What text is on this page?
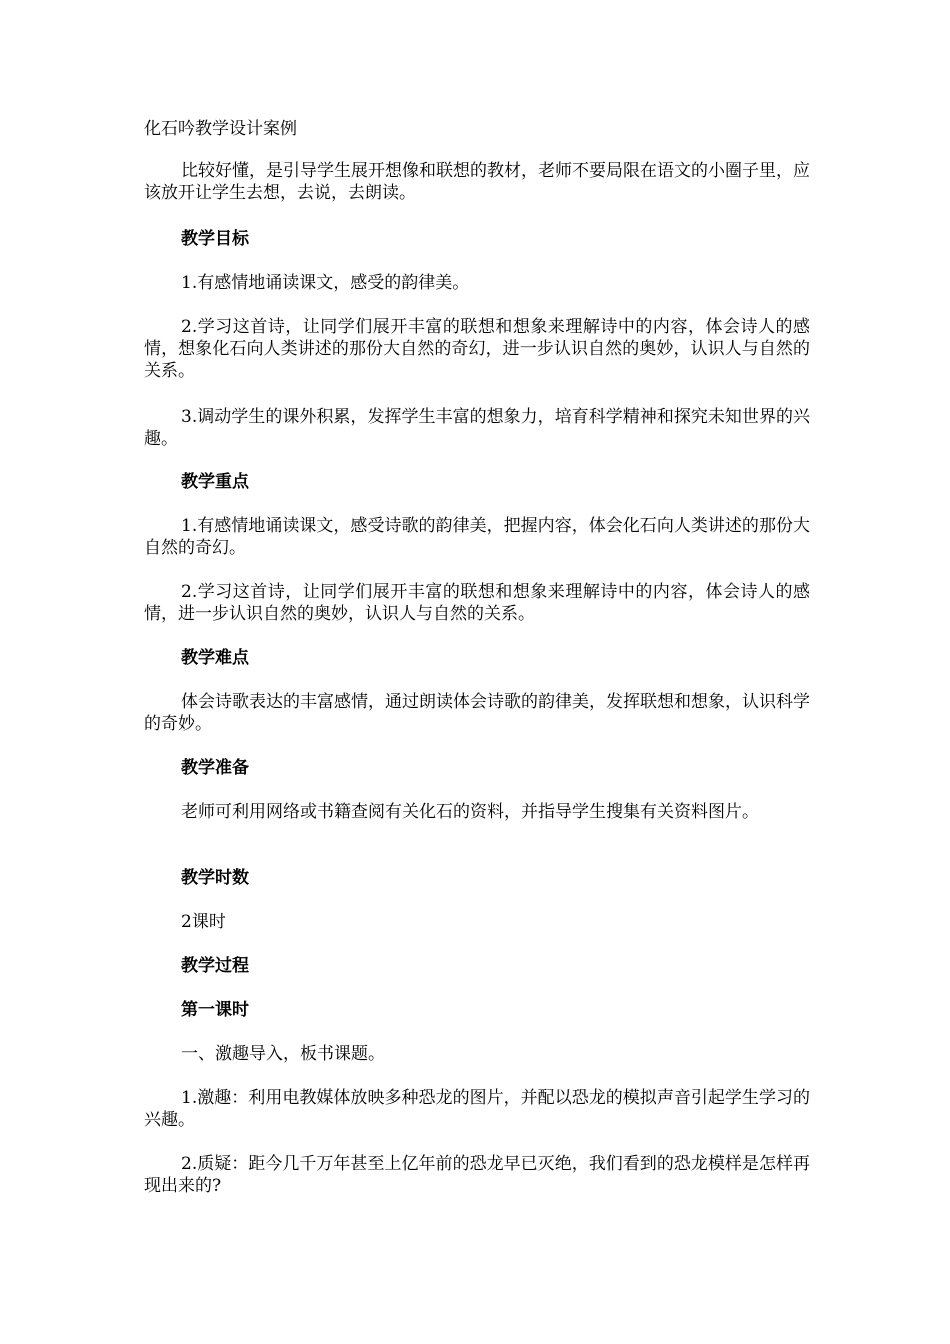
化石吟教学设计案例

比较好懂，是引导学生展开想像和联想的教材，老师不要局限在语文的小圈子里，应该放开让学生去想，去说，去朗读。

教学目标

1.有感情地诵读课文，感受的韵律美。

2.学习这首诗，让同学们展开丰富的联想和想象来理解诗中的内容，体会诗人的感情，想象化石向人类讲述的那份大自然的奇幻，进一步认识自然的奥妙，认识人与自然的关系。

3.调动学生的课外积累，发挥学生丰富的想象力，培育科学精神和探究未知世界的兴趣。

教学重点

1.有感情地诵读课文，感受诗歌的韵律美，把握内容，体会化石向人类讲述的那份大自然的奇幻。

2.学习这首诗，让同学们展开丰富的联想和想象来理解诗中的内容，体会诗人的感情，进一步认识自然的奥妙，认识人与自然的关系。

教学难点

体会诗歌表达的丰富感情，通过朗读体会诗歌的韵律美，发挥联想和想象，认识科学的奇妙。

教学准备

老师可利用网络或书籍查阅有关化石的资料，并指导学生搜集有关资料图片。

教学时数

2课时

教学过程

第一课时

一、激趣导入，板书课题。

1.激趣：利用电教媒体放映多种恐龙的图片，并配以恐龙的模拟声音引起学生学习的兴趣。

2.质疑：距今几千万年甚至上亿年前的恐龙早已灭绝，我们看到的恐龙模样是怎样再现出来的?
